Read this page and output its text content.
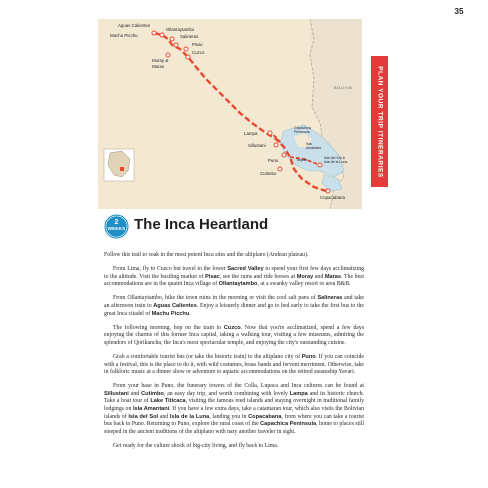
35
Aguas Calientes
Ollantaytambo
Machu Picchu	Salineras
Pisac
Cuzco
Moray &
Maras
BOLIVIA
Capachica
Peninsula
Isla
Amantaní
Taquile
Lampa
Sillustani
Puno
Cutimbo
Isla del Sol &
Isla de la Luna
Copacabana
PLAN YOUR TRIP ITINERARIES
2
WEEKS The Inca Heartland

Follow this trail to soak in the most potent Inca sites and the altiplano (Andean plateau).

From Lima, fly to Cuzco but travel to the lower Sacred Valley to spend your first few days acclimatizing to the altitude. Visit the bustling market of Pisac, see the ruins and ride horses at Moray and Maras. The best accommodations are in the quaint Inca village of Ollantaytambo, at a swanky valley resort or area B&B.

From Ollantaytambo, hike the town ruins in the morning or visit the cool salt pans of Salineras and take an afternoon train to Aguas Calientes. Enjoy a leisurely dinner and go to bed early to take the first bus to the great Inca citadel of Machu Picchu.

The following morning, hop on the train to Cuzco. Now that you're acclimatized, spend a few days enjoying the charms of this former Inca capital, taking a walking tour, visiting a few museums, admiring the splendors of Qorikancha, the Inca's most spectacular temple, and enjoying the city's outstanding cuisine.

Grab a comfortable tourist bus (or take the historic train) to the altiplano city of Puno. If you can coincide with a festival, this is the place to do it, with wild costumes, brass bands and fervent merriment. Otherwise, take in folkloric music at a dinner show or adventure to aquatic accommodations on the retired steamship Yavari.

From your base in Puno, the funerary towers of the Colla, Lupaca and Inca cultures can be found at Sillustani and Cutimbo, an easy day trip, and worth combining with lovely Lampa and its historic church. Take a boat tour of Lake Titicaca, visiting the famous reed islands and staying overnight in traditional family lodgings on Isla Amantaní. If you have a few extra days, take a catamaran tour, which also visits the Bolivian islands of Isla del Sol and Isla de la Luna, landing you in Copacabana, from where you can take a tourist bus back to Puno. Returning to Puno, explore the rural coast of the Capachica Peninsula, home to places still steeped in the ancient traditions of the altiplano with nary another traveler in sight.

Get ready for the culture shock of big-city living, and fly back to Lima.
